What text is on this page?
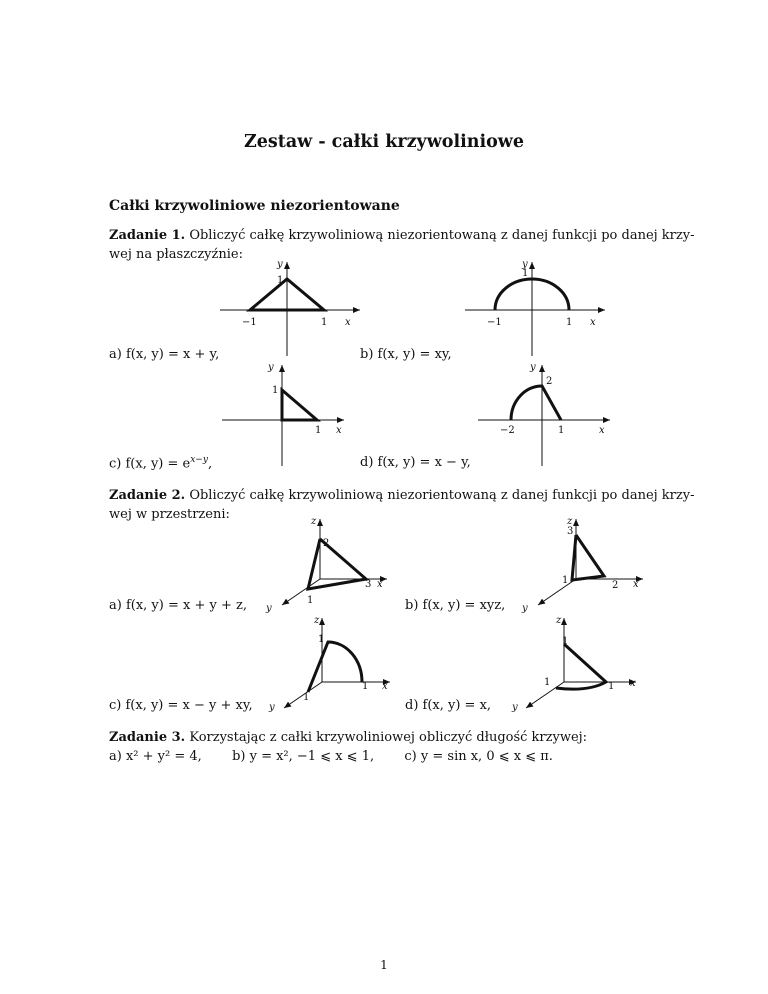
Zestaw - całki krzywoliniowe
Całki krzywoliniowe niezorientowane
Zadanie 1. Obliczyć całkę krzywoliniową niezorientowaną z danej funkcji po danej krzy-
wej na płaszczyźnie:
y
1
−1	1 x
y
1
−1	1 x
a) f(x, y) = x + y,	b) f(x, y) = xy,
y
1
1 x
y
2
−2	1	x
c) f(x, $y) = e^{x-y}$,	d) f(x, y) = x − y,
Zadanie 2. Obliczyć całkę krzywoliniową niezorientowaną z danej funkcji po danej krzy-
wej w przestrzeni:	z
2
3 x
1
y
z
3
2 x
1
y
a) f(x, y) = x + y + z,	b) f(x, y) = xyz,
z
1
1 x
1
y
z
1
1 x
1
y
c) f(x, y) = x − y + xy,	d) f(x, y) = x,
Zadanie 3. Korzystając z całki krzywoliniowej obliczyć długość krzywej:
a) x² + y² = 4, b) y = x², −1 ⩽ x ⩽ 1, c) y = sin x, 0 ⩽ x ⩽ π.
1
